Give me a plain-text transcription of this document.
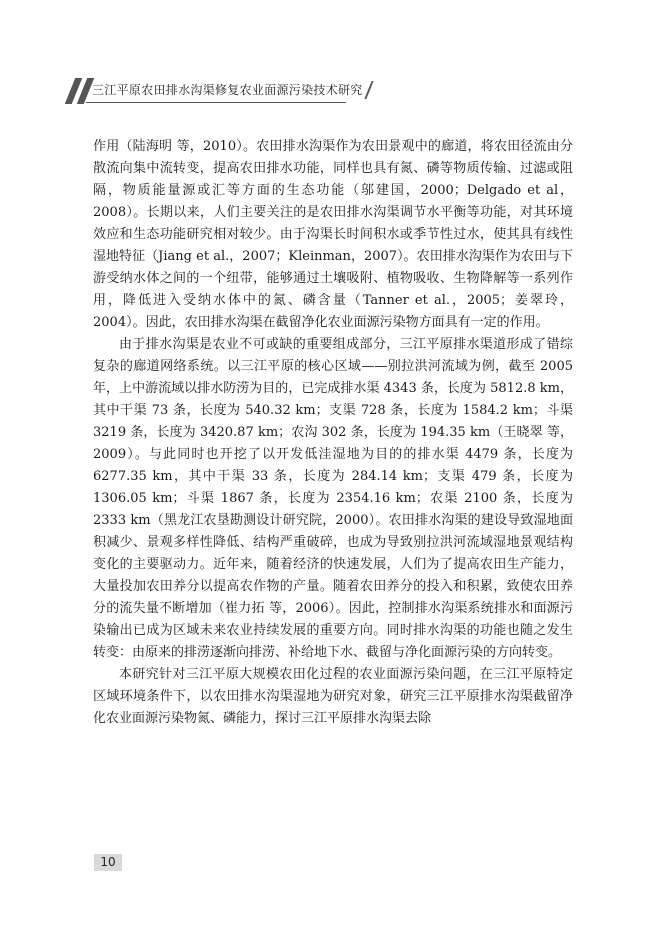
三江平原农田排水沟渠修复农业面源污染技术研究

作用（陆海明 等，2010）。农田排水沟渠作为农田景观中的廊道，将农田径流由分散流向集中流转变，提高农田排水功能，同样也具有氮、磷等物质传输、过滤或阻隔，物质能量源或汇等方面的生态功能（邬建国，2000；Delgado et al，2008）。长期以来，人们主要关注的是农田排水沟渠调节水平衡等功能，对其环境效应和生态功能研究相对较少。由于沟渠长时间积水或季节性过水，使其具有线性湿地特征（Jiang et al.，2007；Kleinman，2007）。农田排水沟渠作为农田与下游受纳水体之间的一个纽带，能够通过土壤吸附、植物吸收、生物降解等一系列作用，降低进入受纳水体中的氮、磷含量（Tanner et al.，2005；姜翠玲，2004）。因此，农田排水沟渠在截留净化农业面源污染物方面具有一定的作用。

由于排水沟渠是农业不可或缺的重要组成部分，三江平原排水渠道形成了错综复杂的廊道网络系统。以三江平原的核心区域——别拉洪河流域为例，截至 2005 年，上中游流域以排水防涝为目的，已完成排水渠 4343 条，长度为 5812.8 km，其中干渠 73 条，长度为 540.32 km；支渠 728 条，长度为 1584.2 km；斗渠 3219 条，长度为 3420.87 km；农沟 302 条，长度为 194.35 km（王晓翠 等，2009）。与此同时也开挖了以开发低洼湿地为目的的排水渠 4479 条，长度为 6277.35 km，其中干渠 33 条，长度为 284.14 km；支渠 479 条，长度为 1306.05 km；斗渠 1867 条，长度为 2354.16 km；农渠 2100 条，长度为 2333 km（黑龙江农垦勘测设计研究院，2000）。农田排水沟渠的建设导致湿地面积减少、景观多样性降低、结构严重破碎，也成为导致别拉洪河流域湿地景观结构变化的主要驱动力。近年来，随着经济的快速发展，人们为了提高农田生产能力，大量投加农田养分以提高农作物的产量。随着农田养分的投入和积累，致使农田养分的流失量不断增加（崔力拓 等，2006）。因此，控制排水沟渠系统排水和面源污染输出已成为区域未来农业持续发展的重要方向。同时排水沟渠的功能也随之发生转变：由原来的排涝逐渐向排涝、补给地下水、截留与净化面源污染的方向转变。

本研究针对三江平原大规模农田化过程的农业面源污染问题，在三江平原特定区域环境条件下，以农田排水沟渠湿地为研究对象，研究三江平原排水沟渠截留净化农业面源污染物氮、磷能力，探讨三江平原排水沟渠去除

10
